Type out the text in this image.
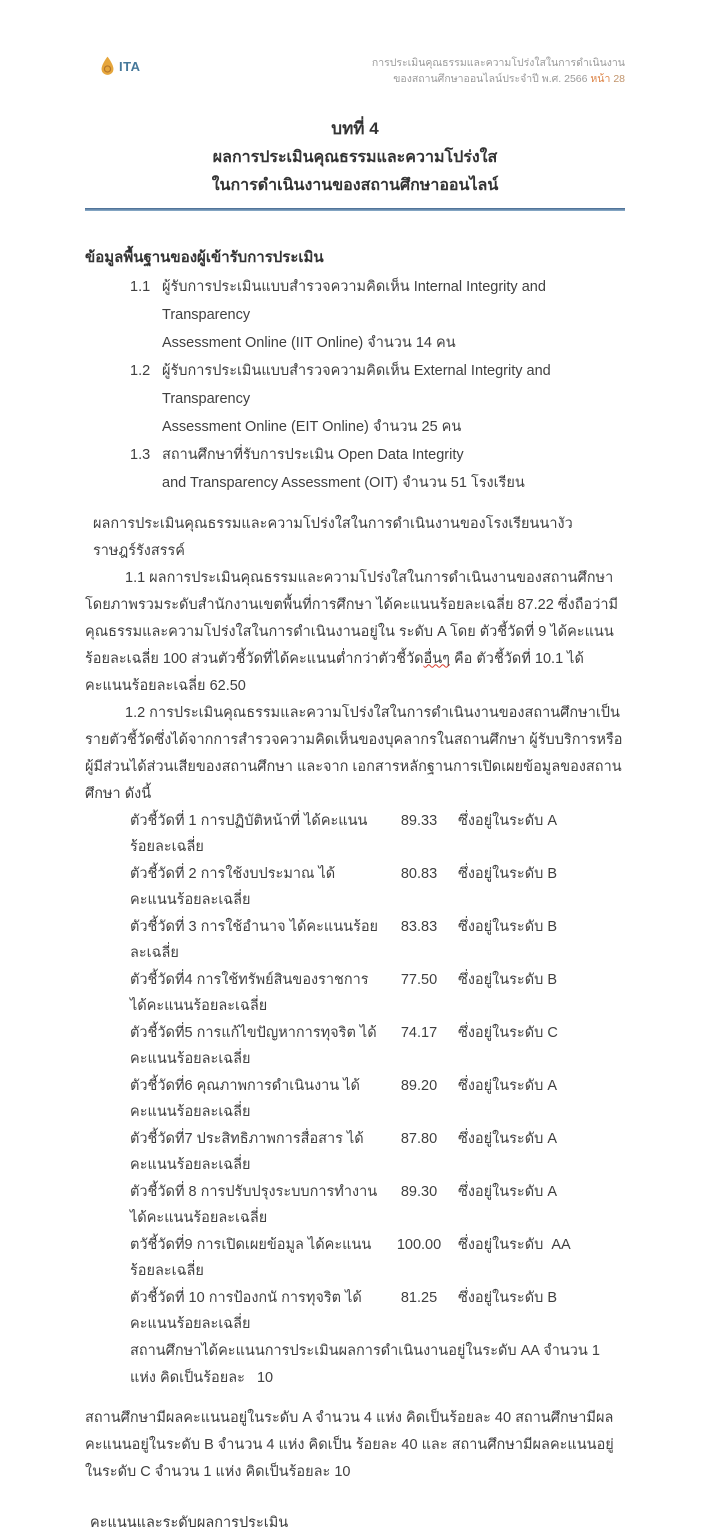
ITA	การประเมินคุณธรรมและความโปร่งใสในการดำเนินงาน
ของสถานศึกษาออนไลน์ประจำปี พ.ศ. 2566 หน้า 28
บทที่ 4
ผลการประเมินคุณธรรมและความโปร่งใส
ในการดำเนินงานของสถานศึกษาออนไลน์
ข้อมูลพื้นฐานของผู้เข้ารับการประเมิน
1.1 ผู้รับการประเมินแบบสำรวจความคิดเห็น Internal Integrity and Transparency
Assessment Online (IIT Online) จำนวน 14 คน
1.2 ผู้รับการประเมินแบบสำรวจความคิดเห็น External Integrity and Transparency
Assessment Online (EIT Online) จำนวน 25 คน
1.3 สถานศึกษาที่รับการประเมิน Open Data Integrity
and Transparency Assessment (OIT) จำนวน 51 โรงเรียน

ผลการประเมินคุณธรรมและความโปร่งใสในการดำเนินงานของโรงเรียนนางัวราษฎร์รังสรรค์

1.1 ผลการประเมินคุณธรรมและความโปร่งใสในการดำเนินงานของสถานศึกษา โดยภาพรวมระดับสำนักงานเขตพื้นที่การศึกษา ได้คะแนนร้อยละเฉลี่ย 87.22 ซึ่งถือว่ามีคุณธรรมและความโปร่งใสในการดำเนินงานอยู่ใน ระดับ A โดย ตัวชี้วัดที่ 9 ได้คะแนนร้อยละเฉลี่ย 100 ส่วนตัวชี้วัดที่ได้คะแนนต่ำกว่าตัวชี้วัดอื่นๆ คือ ตัวชี้วัดที่ 10.1 ได้คะแนนร้อยละเฉลี่ย 62.50

1.2 การประเมินคุณธรรมและความโปร่งใสในการดำเนินงานของสถานศึกษาเป็น รายตัวชี้วัดซึ่งได้จากการสำรวจความคิดเห็นของบุคลากรในสถานศึกษา ผู้รับบริการหรือผู้มีส่วนได้ส่วนเสียของสถานศึกษา และจาก เอกสารหลักฐานการเปิดเผยข้อมูลของสถานศึกษา ดังนี้

ตัวชี้วัดที่ 1 การปฏิบัติหน้าที่ ได้คะแนนร้อยละเฉลี่ย
89.33	ซึ่งอยู่ในระดับ A
ตัวชี้วัดที่ 2 การใช้งบประมาณ ได้คะแนนร้อยละเฉลี่ย
80.83	ซึ่งอยู่ในระดับ B
ตัวชี้วัดที่ 3 การใช้อำนาจ ได้คะแนนร้อยละเฉลี่ย
83.83	ซึ่งอยู่ในระดับ B
ตัวชี้วัดที่4 การใช้ทรัพย์สินของราชการ ได้คะแนนร้อยละเฉลี่ย
77.50	ซึ่งอยู่ในระดับ B
ตัวชี้วัดที่5 การแก้ไขปัญหาการทุจริต ได้คะแนนร้อยละเฉลี่ย
74.17	ซึ่งอยู่ในระดับ C
ตัวชี้วัดที่6 คุณภาพการดำเนินงาน ได้คะแนนร้อยละเฉลี่ย
89.20	ซึ่งอยู่ในระดับ A
ตัวชี้วัดที่7 ประสิทธิภาพการสื่อสาร ได้คะแนนร้อยละเฉลี่ย
87.80	ซึ่งอยู่ในระดับ A
ตัวชี้วัดที่ 8 การปรับปรุงระบบการทำงาน ได้คะแนนร้อยละเฉลี่ย
89.30	ซึ่งอยู่ในระดับ A
ตวัชี้วัดที่9 การเปิดเผยข้อมูล ได้คะแนนร้อยละเฉลี่ย
100.00	ซึ่งอยู่ในระดับ  AA
ตัวชี้วัดที่ 10 การป้องกนั การทุจริต ได้คะแนนร้อยละเฉลี่ย
81.25	ซึ่งอยู่ในระดับ B
สถานศึกษาได้คะแนนการประเมินผลการดำเนินงานอยู่ในระดับ AA จำนวน 1 แห่ง คิดเป็นร้อยละ   10

สถานศึกษามีผลคะแนนอยู่ในระดับ A จำนวน 4 แห่ง คิดเป็นร้อยละ 40 สถานศึกษามีผลคะแนนอยู่ในระดับ B จำนวน 4 แห่ง คิดเป็น ร้อยละ 40 และ สถานศึกษามีผลคะแนนอยู่ในระดับ C จำนวน 1 แห่ง คิดเป็นร้อยละ 10

คะแนนและระดับผลการประเมิน
